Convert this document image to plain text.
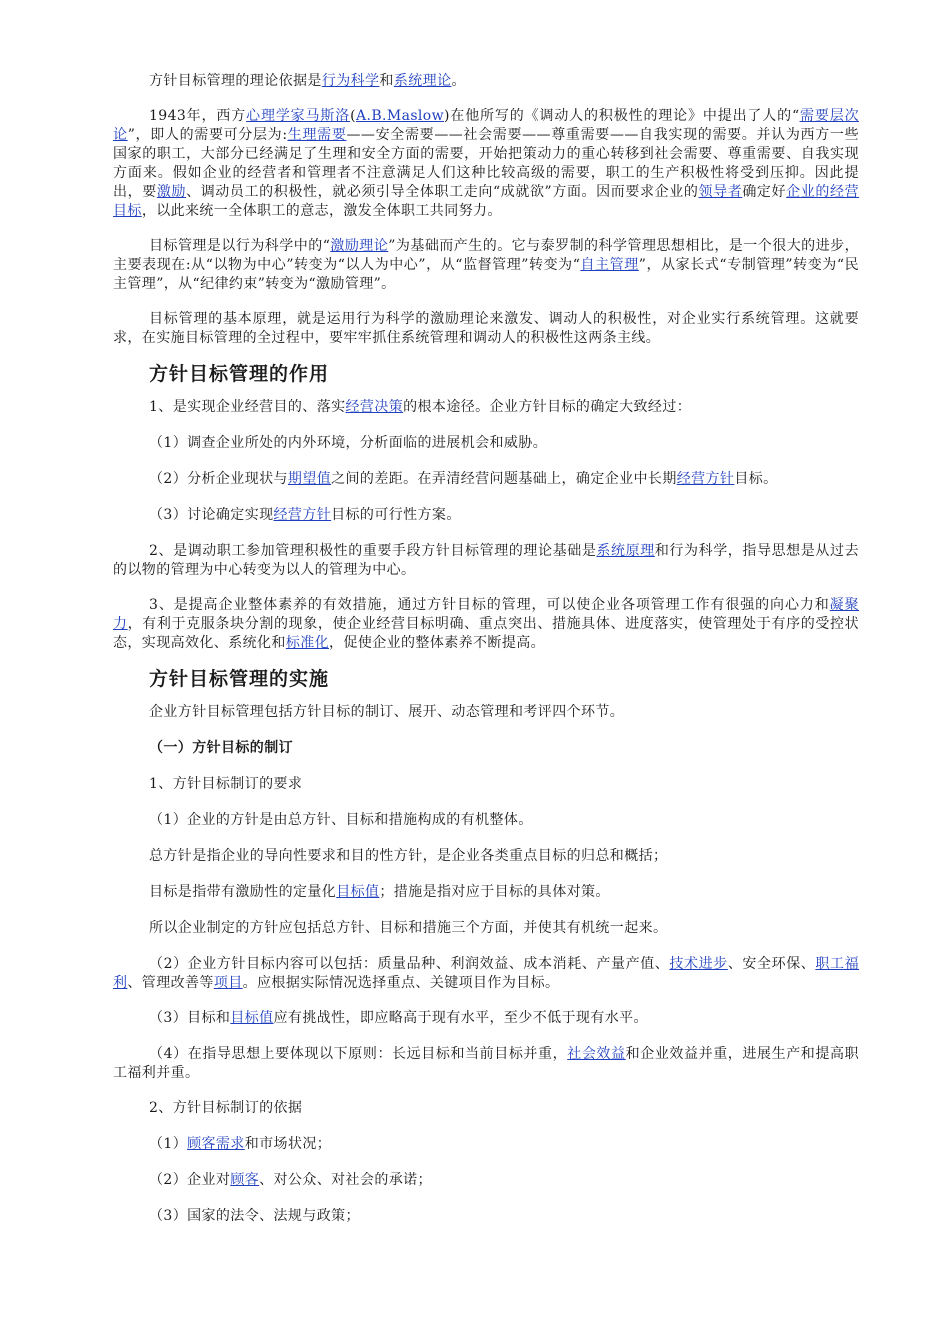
方针目标管理的理论依据是行为科学和系统理论。

1943年，西方心理学家马斯洛(A.B.Maslow)在他所写的《调动人的积极性的理论》中提出了人的“需要层次论”，即人的需要可分层为:生理需要——安全需要——社会需要——尊重需要——自我实现的需要。并认为西方一些国家的职工，大部分已经满足了生理和安全方面的需要，开始把策动力的重心转移到社会需要、尊重需要、自我实现方面来。假如企业的经营者和管理者不注意满足人们这种比较高级的需要，职工的生产积极性将受到压抑。因此提出，要激励、调动员工的积极性，就必须引导全体职工走向“成就欲”方面。因而要求企业的领导者确定好企业的经营目标，以此来统一全体职工的意志，激发全体职工共同努力。

目标管理是以行为科学中的“激励理论”为基础而产生的。它与泰罗制的科学管理思想相比，是一个很大的进步，主要表现在:从“以物为中心”转变为“以人为中心”，从“监督管理”转变为“自主管理”，从家长式“专制管理”转变为“民主管理”，从“纪律约束”转变为“激励管理”。

目标管理的基本原理，就是运用行为科学的激励理论来激发、调动人的积极性，对企业实行系统管理。这就要求，在实施目标管理的全过程中，要牢牢抓住系统管理和调动人的积极性这两条主线。

方针目标管理的作用

1、是实现企业经营目的、落实经营决策的根本途径。企业方针目标的确定大致经过：

（1）调查企业所处的内外环境，分析面临的进展机会和威胁。

（2）分析企业现状与期望值之间的差距。在弄清经营问题基础上，确定企业中长期经营方针目标。

（3）讨论确定实现经营方针目标的可行性方案。

2、是调动职工参加管理积极性的重要手段方针目标管理的理论基础是系统原理和行为科学，指导思想是从过去的以物的管理为中心转变为以人的管理为中心。

3、是提高企业整体素养的有效措施，通过方针目标的管理，可以使企业各项管理工作有很强的向心力和凝聚力，有利于克服条块分割的现象，使企业经营目标明确、重点突出、措施具体、进度落实，使管理处于有序的受控状态，实现高效化、系统化和标准化，促使企业的整体素养不断提高。

方针目标管理的实施

企业方针目标管理包括方针目标的制订、展开、动态管理和考评四个环节。

（一）方针目标的制订

1、方针目标制订的要求

（1）企业的方针是由总方针、目标和措施构成的有机整体。

总方针是指企业的导向性要求和目的性方针，是企业各类重点目标的归总和概括；

目标是指带有激励性的定量化目标值；措施是指对应于目标的具体对策。

所以企业制定的方针应包括总方针、目标和措施三个方面，并使其有机统一起来。

（2）企业方针目标内容可以包括：质量品种、利润效益、成本消耗、产量产值、技术进步、安全环保、职工福利、管理改善等项目。应根据实际情况选择重点、关键项目作为目标。

（3）目标和目标值应有挑战性，即应略高于现有水平，至少不低于现有水平。

（4）在指导思想上要体现以下原则：长远目标和当前目标并重，社会效益和企业效益并重，进展生产和提高职工福利并重。

2、方针目标制订的依据

（1）顾客需求和市场状况；

（2）企业对顾客、对公众、对社会的承诺；

（3）国家的法令、法规与政策；
